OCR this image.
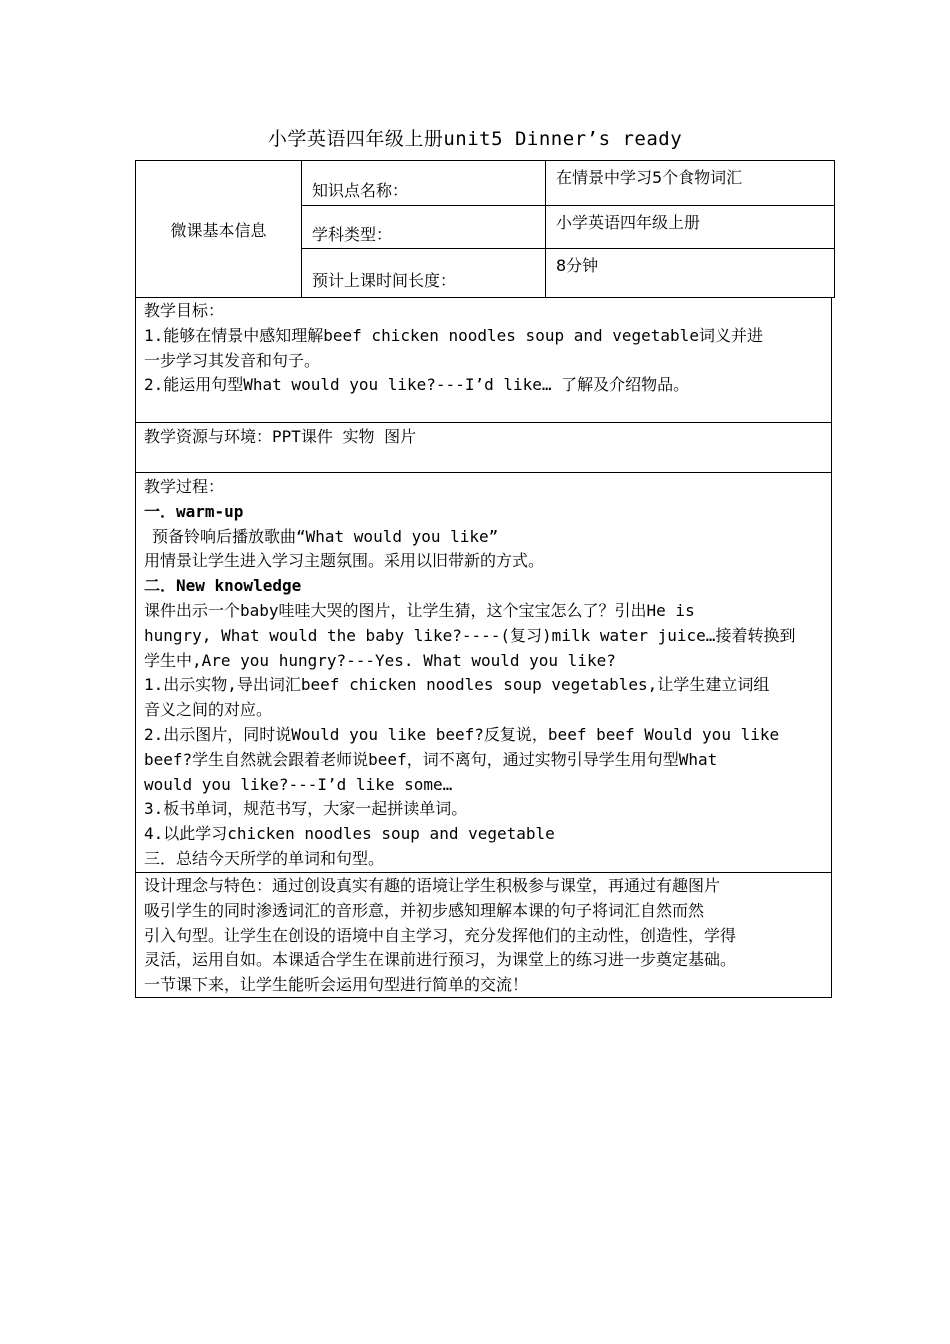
小学英语四年级上册unit5 Dinner’s ready
微课基本信息	知识点名称：	在情景中学习5个食物词汇
	学科类型：	小学英语四年级上册
	预计上课时间长度：	8分钟

教学目标：

1.能够在情景中感知理解beef chicken noodles soup and vegetable词义并进

一步学习其发音和句子。

2.能运用句型What would you like?---I’d like… 了解及介绍物品。

教学资源与环境：PPT课件 实物 图片

教学过程：

一．warm-up

预备铃响后播放歌曲“What would you like”

用情景让学生进入学习主题氛围。采用以旧带新的方式。

二．New knowledge

课件出示一个baby哇哇大哭的图片，让学生猜，这个宝宝怎么了？引出He is

hungry, What would the baby like?----(复习)milk water juice…接着转换到

学生中,Are you hungry?---Yes. What would you like?

1.出示实物,导出词汇beef chicken noodles soup vegetables,让学生建立词组

音义之间的对应。

2.出示图片，同时说Would you like beef?反复说，beef beef Would you like

beef?学生自然就会跟着老师说beef，词不离句，通过实物引导学生用句型What

would you like?---I’d like some…

3.板书单词，规范书写，大家一起拼读单词。

4.以此学习chicken noodles soup and vegetable

三．总结今天所学的单词和句型。

设计理念与特色：通过创设真实有趣的语境让学生积极参与课堂，再通过有趣图片

吸引学生的同时渗透词汇的音形意，并初步感知理解本课的句子将词汇自然而然

引入句型。让学生在创设的语境中自主学习，充分发挥他们的主动性，创造性，学得

灵活，运用自如。本课适合学生在课前进行预习，为课堂上的练习进一步奠定基础。

一节课下来，让学生能听会运用句型进行简单的交流！
